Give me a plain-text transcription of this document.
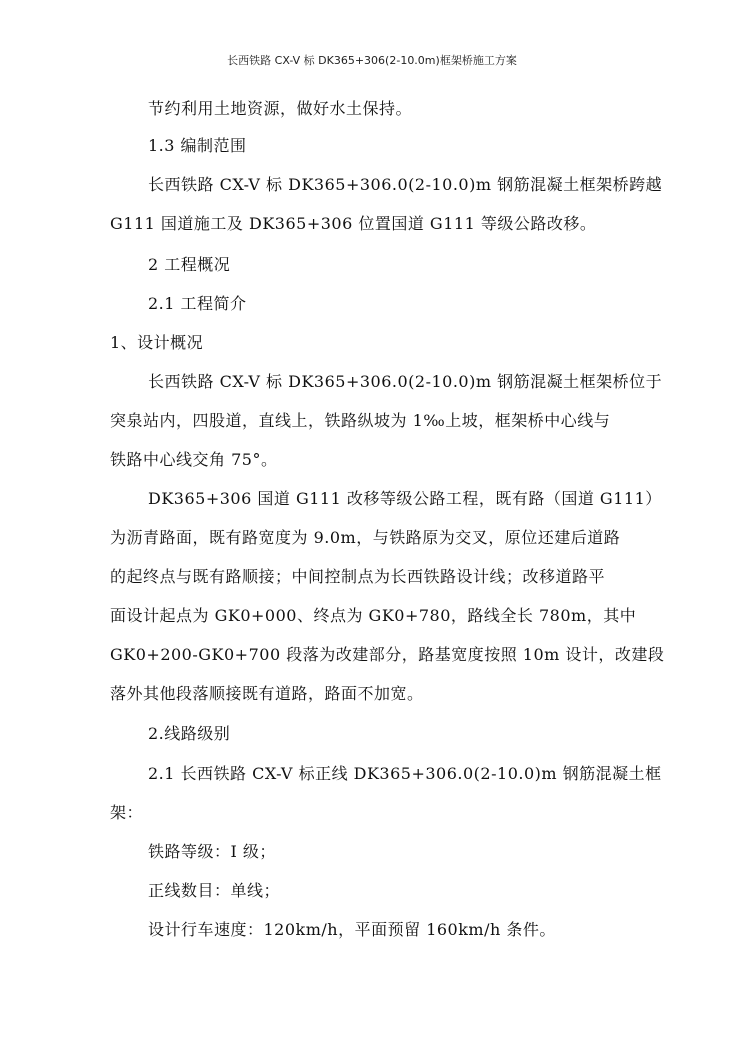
长西铁路 CX-V 标 DK365+306(2-10.0m)框架桥施工方案
节约利用土地资源，做好水土保持。
1.3 编制范围
长西铁路 CX-V 标 DK365+306.0(2-10.0)m 钢筋混凝土框架桥跨越
G111 国道施工及 DK365+306 位置国道 G111 等级公路改移。
2 工程概况
2.1 工程简介
1、设计概况
长西铁路 CX-V 标 DK365+306.0(2-10.0)m 钢筋混凝土框架桥位于
突泉站内，四股道，直线上，铁路纵坡为 1‰上坡，框架桥中心线与
铁路中心线交角 75°。
DK365+306 国道 G111 改移等级公路工程，既有路（国道 G111）
为沥青路面，既有路宽度为 9.0m，与铁路原为交叉，原位还建后道路
的起终点与既有路顺接；中间控制点为长西铁路设计线；改移道路平
面设计起点为 GK0+000、终点为 GK0+780，路线全长 780m，其中
GK0+200-GK0+700 段落为改建部分，路基宽度按照 10m 设计，改建段
落外其他段落顺接既有道路，路面不加宽。
2.线路级别
2.1 长西铁路 CX-V 标正线 DK365+306.0(2-10.0)m 钢筋混凝土框
架：
铁路等级：I 级；
正线数目：单线；
设计行车速度：120km/h，平面预留 160km/h 条件。
